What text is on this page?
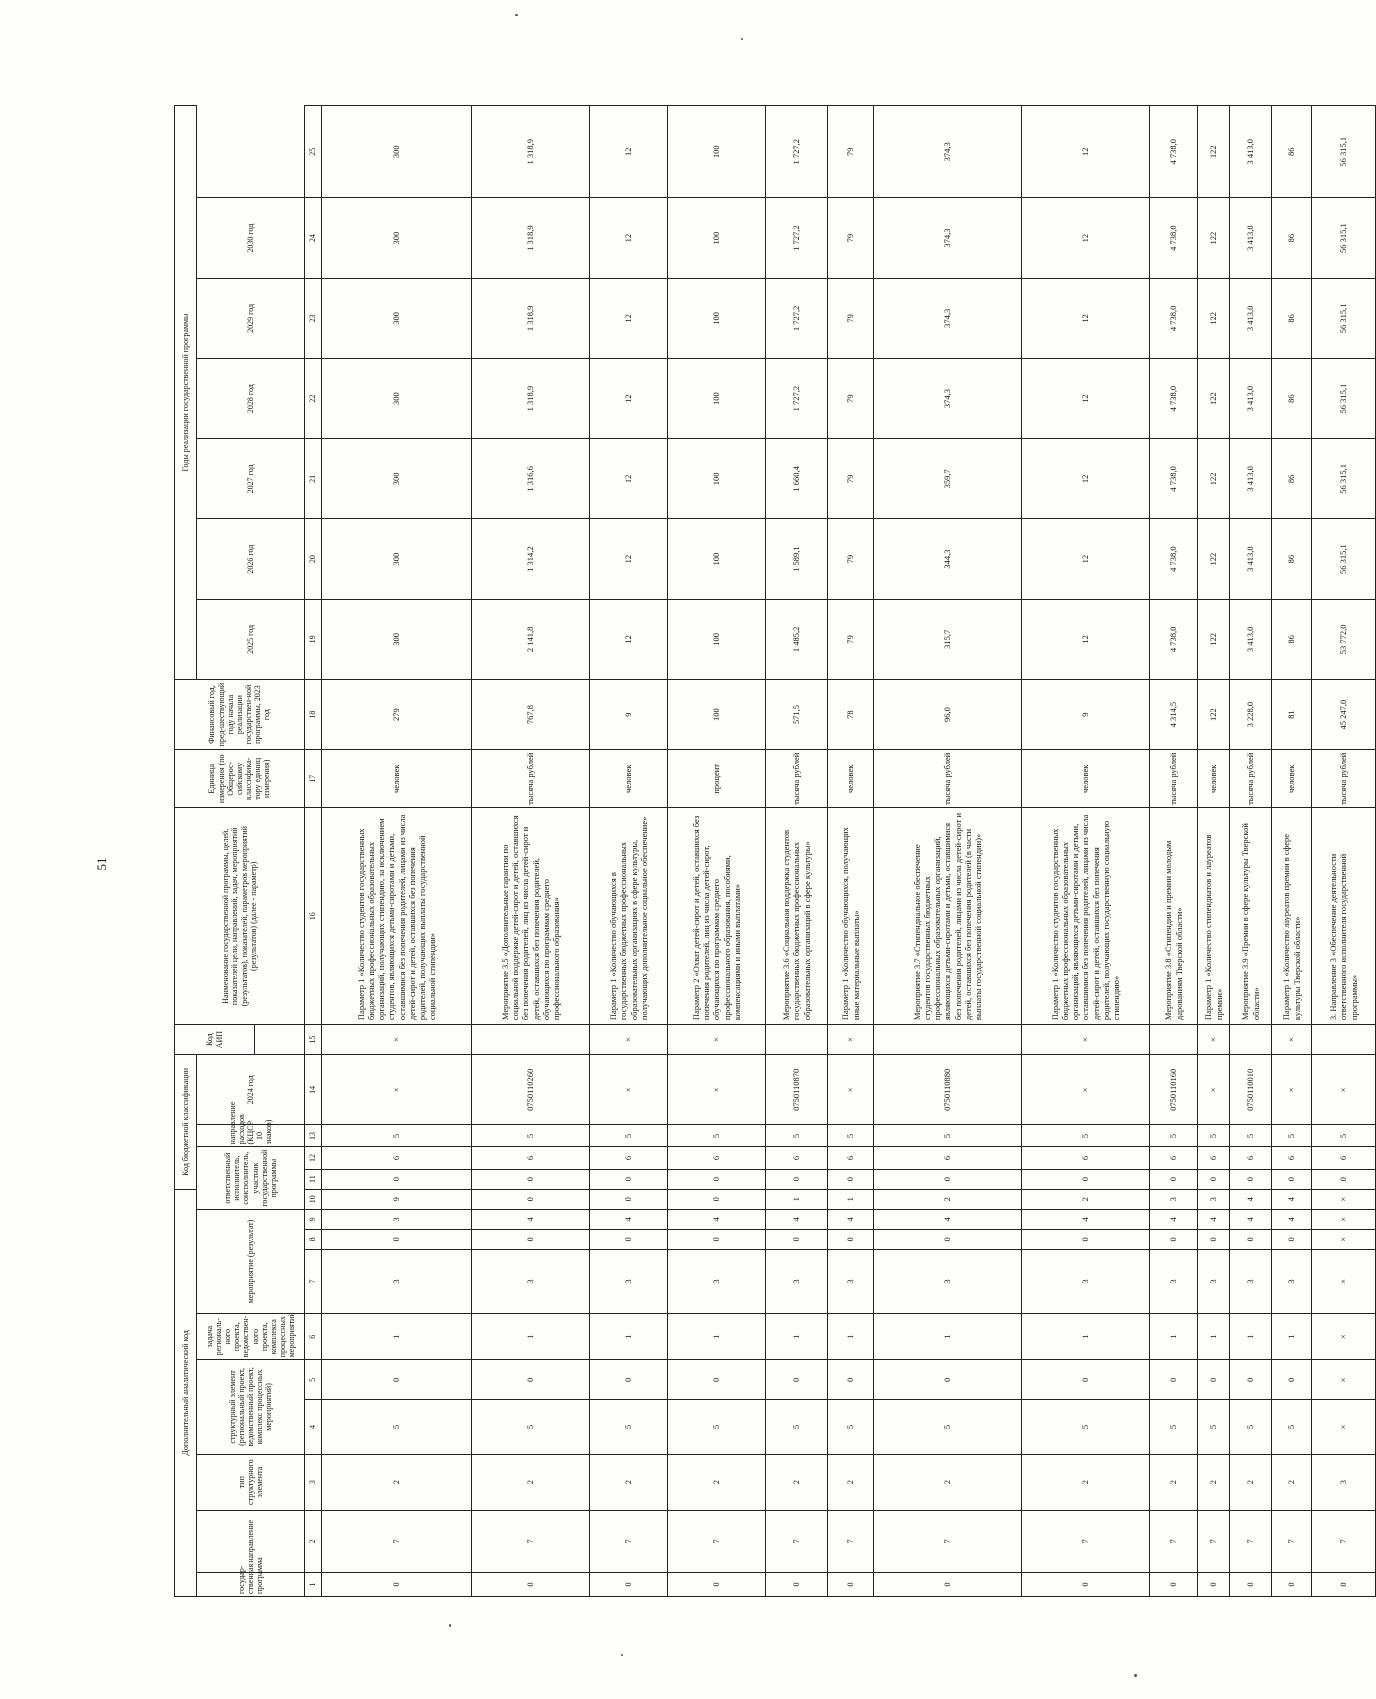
51
Дополнительный аналитический код										Код бюджетной классификации				Код АИП	Наименование государственной программы, целей, показателей цели, направлений, задач, мероприятий (результатов), показателей, параметров мероприятий (результатов) (далее - параметр)	Единица измерения (по Общерос-сийскому классифика-тору единиц измерения)	Финансовый год, пред-шествующий году начала реализации государствен-ной программы, 2023 год	Годы реализации государственной программы						
государ-ственная программа	направление	тип структурного элемента	структурный элемент (региональный проект, ведомственный проект, комплекс процессных мероприятий)		задача региональ-ного проекта, ведомствен-ного проекта, комплекса процессных мероприятий	мероприятие (результат)			ответственный исполнитель, соисполнитель, участник государственной программы			направление расходов (КЦСР 10 знаков)	2024 год					2025 год	2026 год	2027 год	2028 год	2029 год	2030 год	

1	2	3	4	5	6	7	8	9	10	11	12	13	14	15	16	17	18	19	20	21	22	23	24	25
0	7	2	5	0	1	3	0	3	9	0	6	5	×	×	Параметр 1 «Количество студентов государственных бюджетных профессиональных образовательных организаций, получающих стипендию, за исключением студентов, являющихся детьми-сиротами и детьми, оставшимися без попечения родителей, лицами из числа детей-сирот и детей, оставшихся без попечения родителей, получающих выплаты государственной социальной стипендии»	человек	279	300	300	300	300	300	300	300
0	7	2	5	0	1	3	0	4	0	0	6	5	0750110260		Мероприятие 3.5 «Дополнительные гарантии по социальной поддержке детей-сирот и детей, оставшихся без попечения родителей, лиц из числа детей-сирот и детей, оставшихся без попечения родителей, обучающихся по программам среднего профессионального образования»	тысяча рублей	767,8	2 141,8	1 314,2	1 316,6	1 318,9	1 318,9	1 318,9	1 318,9
0	7	2	5	0	1	3	0	4	0	0	6	5	×	×	Параметр 1 «Количество обучающихся в государственных бюджетных профессиональных образовательных организациях в сфере культуры, получающих дополнительное социальное обеспечение»	человек	9	12	12	12	12	12	12	12
0	7	2	5	0	1	3	0	4	0	0	6	5	×	×	Параметр 2 «Охват детей-сирот и детей, оставшихся без попечения родителей, лиц из числа детей-сирот, обучающихся по программам среднего профессионального образования, пособиями, компенсациями и иными выплатами»	процент	100	100	100	100	100	100	100	100
0	7	2	5	0	1	3	0	4	1	0	6	5	0750110870		Мероприятие 3.6 «Социальная поддержка студентов государственных бюджетных профессиональных образовательных организаций в сфере культуры»	тысяча рублей	571,5	1 485,2	1 589,1	1 660,4	1 727,2	1 727,2	1 727,2	1 727,2
0	7	2	5	0	1	3	0	4	1	0	6	5	×	×	Параметр 1 «Количество обучающихся, получающих иные материальные выплаты»	человек	78	79	79	79	79	79	79	79
0	7	2	5	0	1	3	0	4	2	0	6	5	0750110880		Мероприятие 3.7 «Стипендиальное обеспечение студентов государственных бюджетных профессиональных образовательных организаций, являющихся детьми-сиротами и детьми, оставшимися без попечения родителей, лицами из числа детей-сирот и детей, оставшихся без попечения родителей (в части выплаты государственной социальной стипендии)»	тысяча рублей	96,0	315,7	344,3	359,7	374,3	374,3	374,3	374,3
0	7	2	5	0	1	3	0	4	2	0	6	5	×	×	Параметр 1 «Количество студентов государственных бюджетных профессиональных образовательных организаций, являющихся детьми-сиротами и детьми, оставшимися без попечения родителей, лицами из числа детей-сирот и детей, оставшихся без попечения родителей, получающих государственную социальную стипендию»	человек	9	12	12	12	12	12	12	12
0	7	2	5	0	1	3	0	4	3	0	6	5	0750110160		Мероприятие 3.8 «Стипендии и премии молодым дарованиям Тверской области»	тысяча рублей	4 314,5	4 738,0	4 738,0	4 738,0	4 738,0	4 738,0	4 738,0	4 738,0
0	7	2	5	0	1	3	0	4	3	0	6	5	×	×	Параметр 1 «Количество стипендиатов и лауреатов премии»	человек	122	122	122	122	122	122	122	122
0	7	2	5	0	1	3	0	4	4	0	6	5	0750110010		Мероприятие 3.9 «Премии в сфере культуры Тверской области»	тысяча рублей	3 228,0	3 413,0	3 413,0	3 413,0	3 413,0	3 413,0	3 413,0	3 413,0
0	7	2	5	0	1	3	0	4	4	0	6	5	×	×	Параметр 1 «Количество лауреатов премии в сфере культуры Тверской области»	человек	81	86	86	86	86	86	86	86
0	7	3	×	×	×	×	×	×	×	0	6	5	×		3. Направление 3 «Обеспечение деятельности ответственного исполнителя государственной программы»	тысяча рублей	45 247,0	53 772,0	56 315,1	56 315,1	56 315,1	56 315,1	56 315,1	56 315,1
